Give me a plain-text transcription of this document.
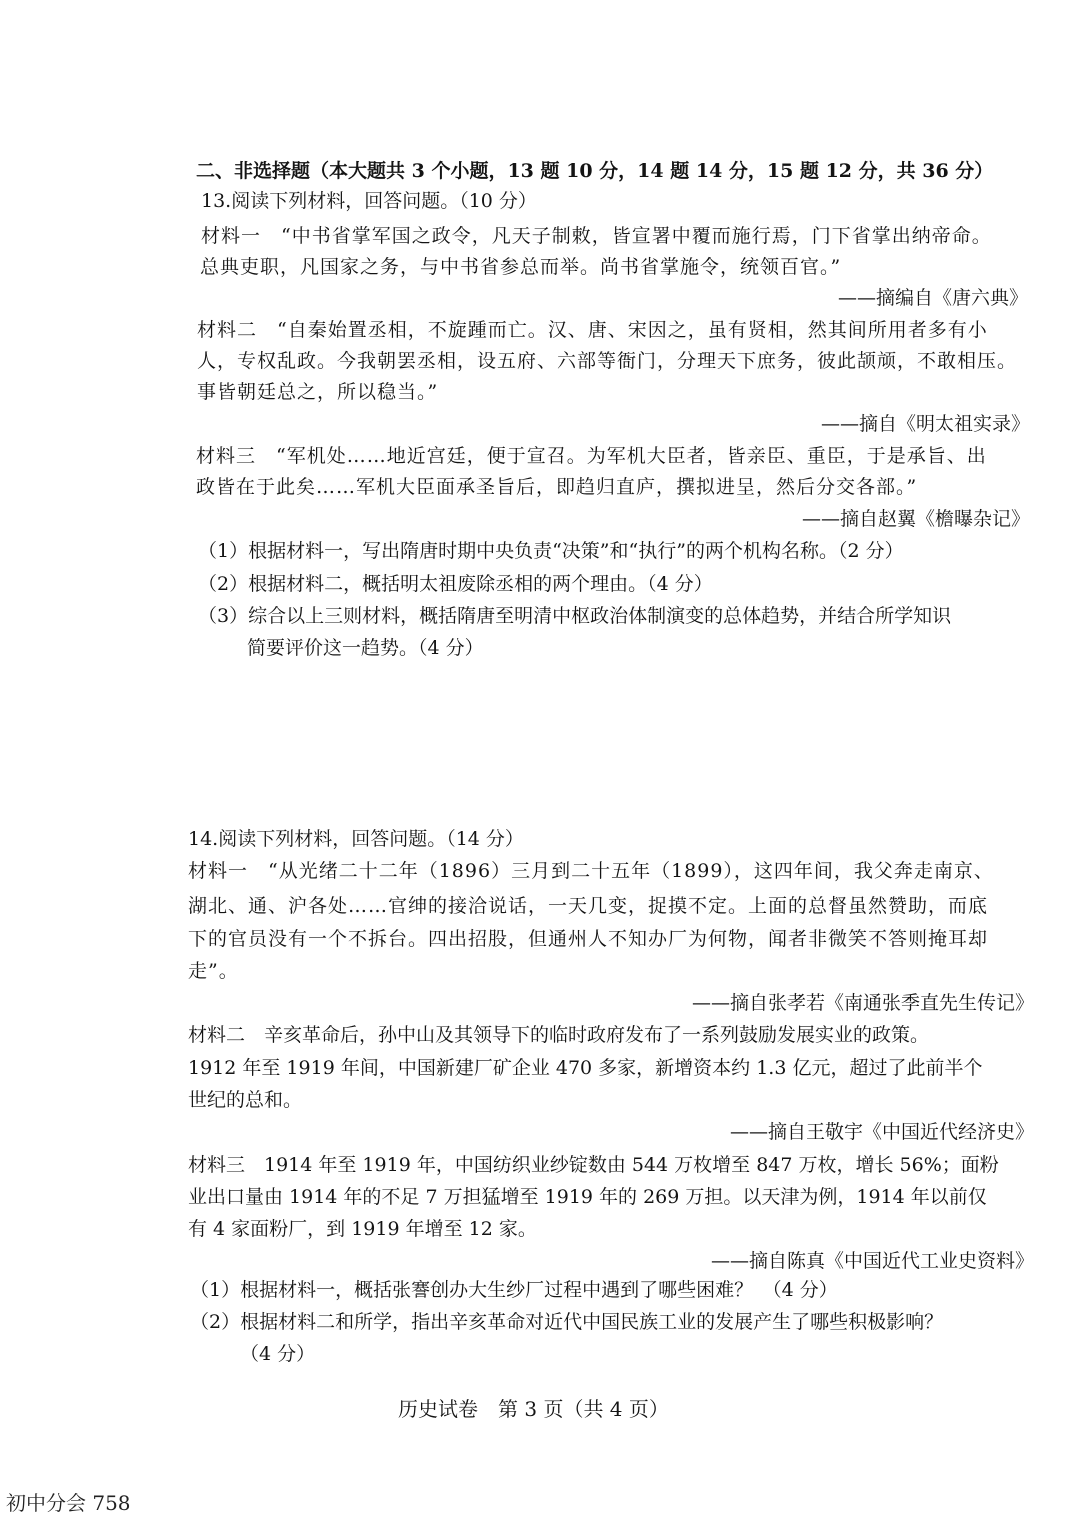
二、非选择题（本大题共 3 个小题，13 题 10 分，14 题 14 分，15 题 12 分，共 36 分）
13.阅读下列材料，回答问题。（10 分）
材料一　“中书省掌军国之政令，凡天子制敕，皆宣署中覆而施行焉，门下省掌出纳帝命。
总典吏职，凡国家之务，与中书省参总而举。尚书省掌施令，统领百官。”
——摘编自《唐六典》
材料二　“自秦始置丞相，不旋踵而亡。汉、唐、宋因之，虽有贤相，然其间所用者多有小
人，专权乱政。今我朝罢丞相，设五府、六部等衙门，分理天下庶务，彼此颉颃，不敢相压。
事皆朝廷总之，所以稳当。”
——摘自《明太祖实录》
材料三　“军机处……地近宫廷，便于宣召。为军机大臣者，皆亲臣、重臣，于是承旨、出
政皆在于此矣……军机大臣面承圣旨后，即趋归直庐，撰拟进呈，然后分交各部。”
——摘自赵翼《檐曝杂记》
（1）根据材料一，写出隋唐时期中央负责“决策”和“执行”的两个机构名称。（2 分）
（2）根据材料二，概括明太祖废除丞相的两个理由。（4 分）
（3）综合以上三则材料，概括隋唐至明清中枢政治体制演变的总体趋势，并结合所学知识
简要评价这一趋势。（4 分）
14.阅读下列材料，回答问题。（14 分）
材料一　“从光绪二十二年（1896）三月到二十五年（1899），这四年间，我父奔走南京、
湖北、通、沪各处……官绅的接洽说话，一天几变，捉摸不定。上面的总督虽然赞助，而底
下的官员没有一个不拆台。四出招股，但通州人不知办厂为何物，闻者非微笑不答则掩耳却
走”。
——摘自张孝若《南通张季直先生传记》
材料二　辛亥革命后，孙中山及其领导下的临时政府发布了一系列鼓励发展实业的政策。
1912 年至 1919 年间，中国新建厂矿企业 470 多家，新增资本约 1.3 亿元，超过了此前半个
世纪的总和。
——摘自王敬宇《中国近代经济史》
材料三　1914 年至 1919 年，中国纺织业纱锭数由 544 万枚增至 847 万枚，增长 56%；面粉
业出口量由 1914 年的不足 7 万担猛增至 1919 年的 269 万担。以天津为例，1914 年以前仅
有 4 家面粉厂，到 1919 年增至 12 家。
——摘自陈真《中国近代工业史资料》
（1）根据材料一，概括张謇创办大生纱厂过程中遇到了哪些困难？　（4 分）
（2）根据材料二和所学，指出辛亥革命对近代中国民族工业的发展产生了哪些积极影响？
（4 分）
历史试卷　第 3 页（共 4 页）
初中分会 758
